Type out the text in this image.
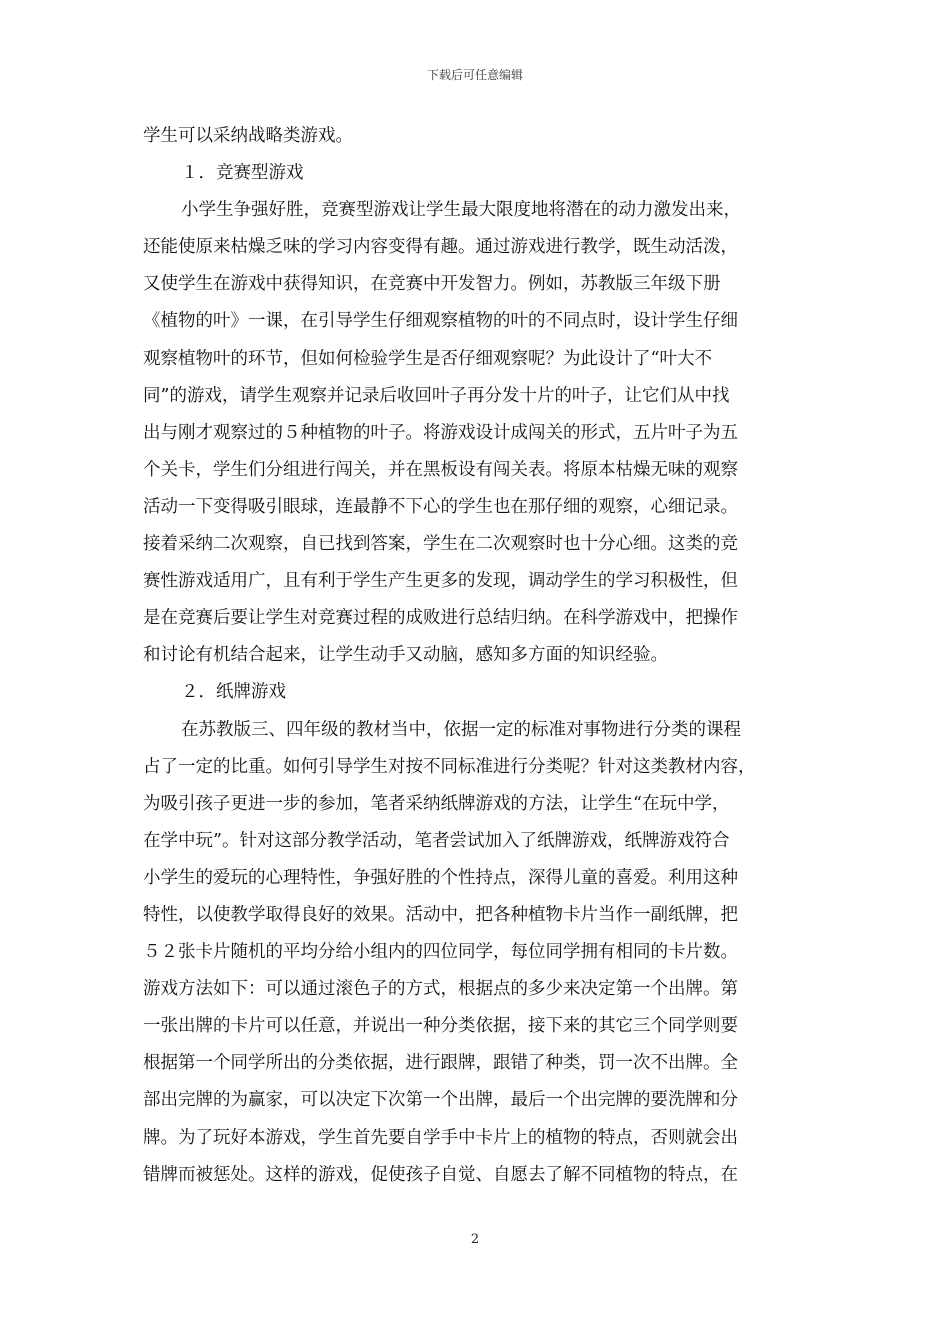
下载后可任意编辑
学生可以采纳战略类游戏。
１．竞赛型游戏
小学生争强好胜，竞赛型游戏让学生最大限度地将潜在的动力激发出来，
还能使原来枯燥乏味的学习内容变得有趣。通过游戏进行教学，既生动活泼，
又使学生在游戏中获得知识，在竞赛中开发智力。例如，苏教版三年级下册
《植物的叶》一课，在引导学生仔细观察植物的叶的不同点时，设计学生仔细
观察植物叶的环节，但如何检验学生是否仔细观察呢？为此设计了“叶大不
同”的游戏，请学生观察并记录后收回叶子再分发十片的叶子，让它们从中找
出与刚才观察过的５种植物的叶子。将游戏设计成闯关的形式，五片叶子为五
个关卡，学生们分组进行闯关，并在黑板设有闯关表。将原本枯燥无味的观察
活动一下变得吸引眼球，连最静不下心的学生也在那仔细的观察，心细记录。
接着采纳二次观察，自已找到答案，学生在二次观察时也十分心细。这类的竞
赛性游戏适用广，且有利于学生产生更多的发现，调动学生的学习积极性，但
是在竞赛后要让学生对竞赛过程的成败进行总结归纳。在科学游戏中，把操作
和讨论有机结合起来，让学生动手又动脑，感知多方面的知识经验。
２．纸牌游戏
在苏教版三、四年级的教材当中，依据一定的标准对事物进行分类的课程
占了一定的比重。如何引导学生对按不同标准进行分类呢？针对这类教材内容，
为吸引孩子更进一步的参加，笔者采纳纸牌游戏的方法，让学生“在玩中学，
在学中玩”。针对这部分教学活动，笔者尝试加入了纸牌游戏，纸牌游戏符合
小学生的爱玩的心理特性，争强好胜的个性持点，深得儿童的喜爱。利用这种
特性，以使教学取得良好的效果。活动中，把各种植物卡片当作一副纸牌，把
５２张卡片随机的平均分给小组内的四位同学，每位同学拥有相同的卡片数。
游戏方法如下：可以通过滚色子的方式，根据点的多少来决定第一个出牌。第
一张出牌的卡片可以任意，并说出一种分类依据，接下来的其它三个同学则要
根据第一个同学所出的分类依据，进行跟牌，跟错了种类，罚一次不出牌。全
部出完牌的为赢家，可以决定下次第一个出牌，最后一个出完牌的要洗牌和分
牌。为了玩好本游戏，学生首先要自学手中卡片上的植物的特点，否则就会出
错牌而被惩处。这样的游戏，促使孩子自觉、自愿去了解不同植物的特点，在
2
